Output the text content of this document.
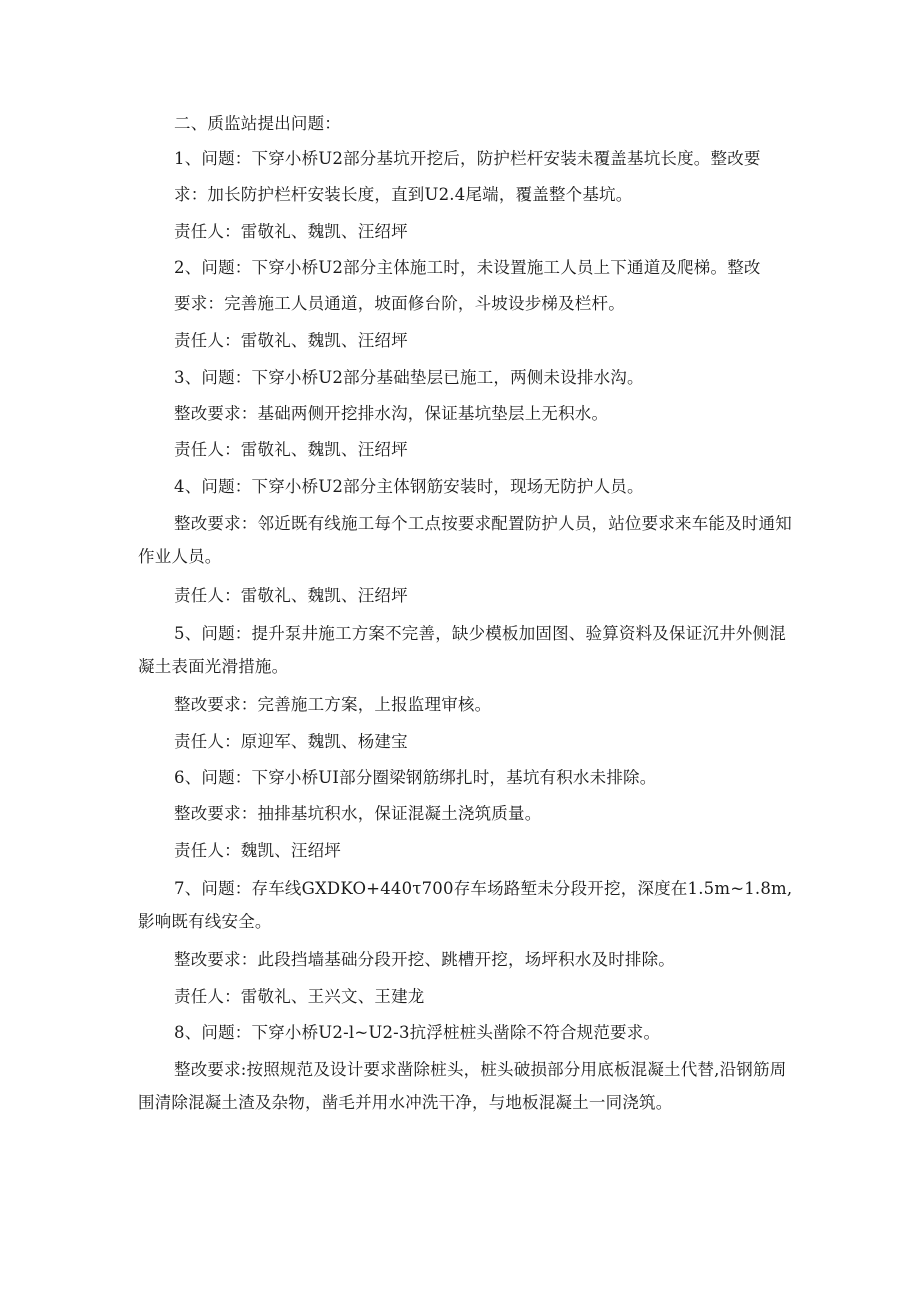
二、质监站提出问题：
1、问题：下穿小桥U2部分基坑开挖后，防护栏杆安装未覆盖基坑长度。整改要
求：加长防护栏杆安装长度，直到U2.4尾端，覆盖整个基坑。
责任人：雷敬礼、魏凯、汪绍坪
2、问题：下穿小桥U2部分主体施工时，未设置施工人员上下通道及爬梯。整改
要求：完善施工人员通道，坡面修台阶，斗坡设步梯及栏杆。
责任人：雷敬礼、魏凯、汪绍坪
3、问题：下穿小桥U2部分基础垫层已施工，两侧未设排水沟。
整改要求：基础两侧开挖排水沟，保证基坑垫层上无积水。
责任人：雷敬礼、魏凯、汪绍坪
4、问题：下穿小桥U2部分主体钢筋安装时，现场无防护人员。
整改要求：邻近既有线施工每个工点按要求配置防护人员，站位要求来车能及时通知作业人员。
责任人：雷敬礼、魏凯、汪绍坪
5、问题：提升泵井施工方案不完善，缺少模板加固图、验算资料及保证沉井外侧混凝土表面光滑措施。
整改要求：完善施工方案，上报监理审核。
责任人：原迎军、魏凯、杨建宝
6、问题：下穿小桥UI部分圈梁钢筋绑扎时，基坑有积水未排除。
整改要求：抽排基坑积水，保证混凝土浇筑质量。
责任人：魏凯、汪绍坪
7、问题：存车线GXDKO+440τ700存车场路堑未分段开挖，深度在1.5m~1.8m,影响既有线安全。
整改要求：此段挡墙基础分段开挖、跳槽开挖，场坪积水及时排除。
责任人：雷敬礼、王兴文、王建龙
8、问题：下穿小桥U2-l~U2-3抗浮桩桩头凿除不符合规范要求。
整改要求:按照规范及设计要求凿除桩头，桩头破损部分用底板混凝土代替,沿钢筋周围清除混凝土渣及杂物，凿毛并用水冲洗干净，与地板混凝土一同浇筑。
